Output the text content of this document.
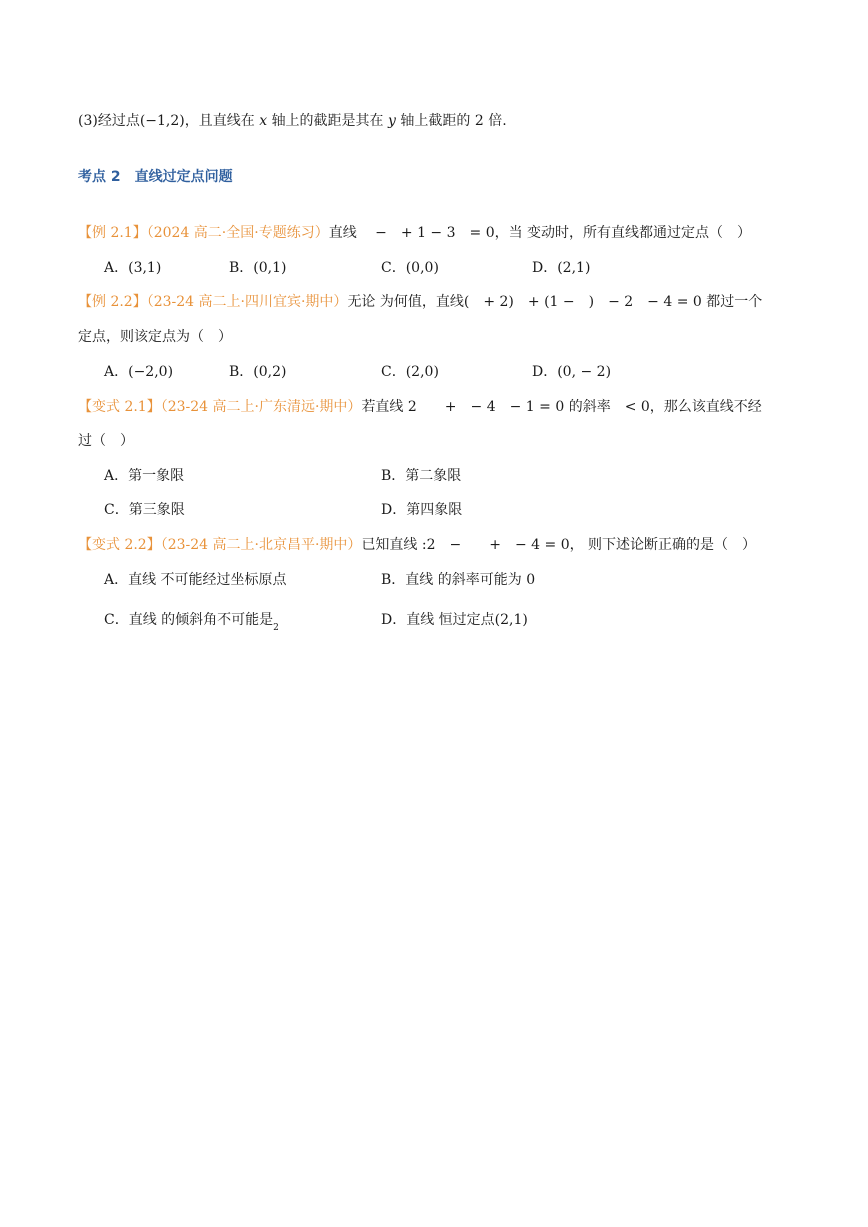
(3)经过点(−1,2)，且直线在 x 轴上的截距是其在 y 轴上截距的 2 倍.
考点 2　直线过定点问题
【例 2.1】（2024 高二·全国·专题练习）直线　 −　+ 1 − 3　= 0，当 变动时，所有直线都通过定点（　）
A．(3,1)	B．(0,1)	C．(0,0)	D．(2,1)
【例 2.2】（23-24 高二上·四川宜宾·期中）无论 为何值，直线(　+ 2)　+ (1 −　)　− 2　− 4 = 0 都过一个
定点，则该定点为（　）
A．(−2,0)	B．(0,2)	C．(2,0)	D．(0, − 2)
【变式 2.1】（23-24 高二上·广东清远·期中）若直线 2　　+　− 4　− 1 = 0 的斜率　< 0，那么该直线不经
过（　）
A．第一象限	B．第二象限
C．第三象限	D．第四象限
【变式 2.2】（23-24 高二上·北京昌平·期中）已知直线 :2　−　　+　− 4 = 0， 则下述论断正确的是（　）
A．直线 不可能经过坐标原点	B．直线 的斜率可能为 0
C．直线 的倾斜角不可能是$_2$	D．直线 恒过定点(2,1)
